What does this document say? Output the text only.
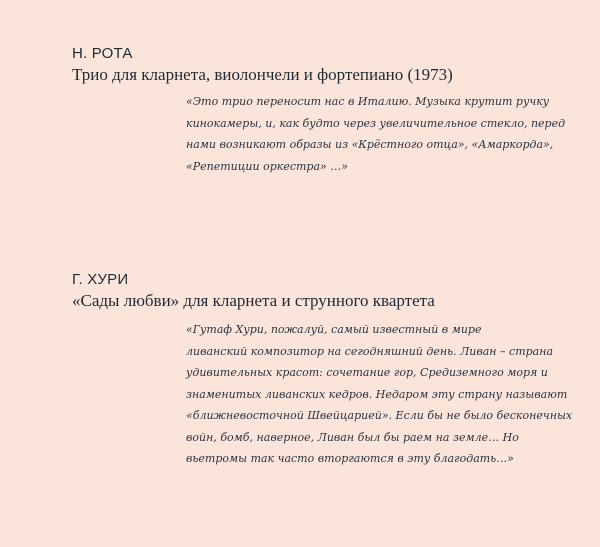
Н. РОТА

Трио для кларнета, виолончели и фортепиано (1973)

«Это трио переносит нас в Италию. Музыка крутит ручку

кинокамеры, и, как будто через увеличительное стекло, перед

нами возникают образы из «Крёстного отца», «Амаркорда»,

«Репетиции оркестра» …»

Г. ХУРИ

«Сады любви» для кларнета и струнного квартета

«Гутаф Хури, пожалуй, самый известный в мире

ливанский композитор на сегодняшний день. Ливан – страна

удивительных красот: сочетание гор, Средиземного моря и

знаменитых ливанских кедров. Недаром эту страну называют

«ближневосточной Швейцарией». Если бы не было бесконечных

войн, бомб, наверное, Ливан был бы раем на земле… Но

вьетромы так часто вторгаются в эту благодать…»
